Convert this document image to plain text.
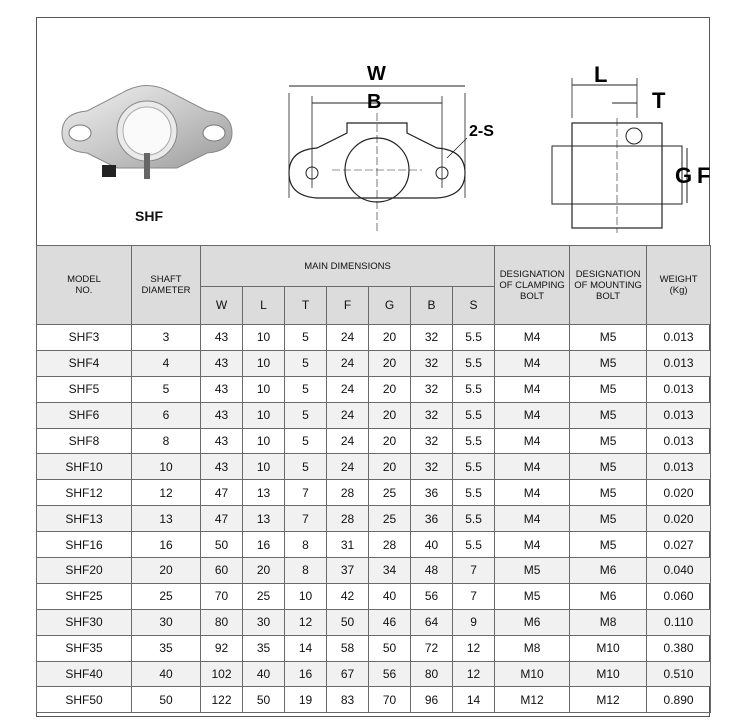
SHF
W
B
2-S
L
T
G F
MODEL
NO.	SHAFT
DIAMETER	MAIN DIMENSIONS							DESIGNATION
OF CLAMPING
BOLT	DESIGNATION
OF MOUNTING
BOLT	WEIGHT
(Kg)
		W	L	T	F	G	B	S			
SHF3	3	43	10	5	24	20	32	5.5	M4	M5	0.013
SHF4	4	43	10	5	24	20	32	5.5	M4	M5	0.013
SHF5	5	43	10	5	24	20	32	5.5	M4	M5	0.013
SHF6	6	43	10	5	24	20	32	5.5	M4	M5	0.013
SHF8	8	43	10	5	24	20	32	5.5	M4	M5	0.013
SHF10	10	43	10	5	24	20	32	5.5	M4	M5	0.013
SHF12	12	47	13	7	28	25	36	5.5	M4	M5	0.020
SHF13	13	47	13	7	28	25	36	5.5	M4	M5	0.020
SHF16	16	50	16	8	31	28	40	5.5	M4	M5	0.027
SHF20	20	60	20	8	37	34	48	7	M5	M6	0.040
SHF25	25	70	25	10	42	40	56	7	M5	M6	0.060
SHF30	30	80	30	12	50	46	64	9	M6	M8	0.110
SHF35	35	92	35	14	58	50	72	12	M8	M10	0.380
SHF40	40	102	40	16	67	56	80	12	M10	M10	0.510
SHF50	50	122	50	19	83	70	96	14	M12	M12	0.890
